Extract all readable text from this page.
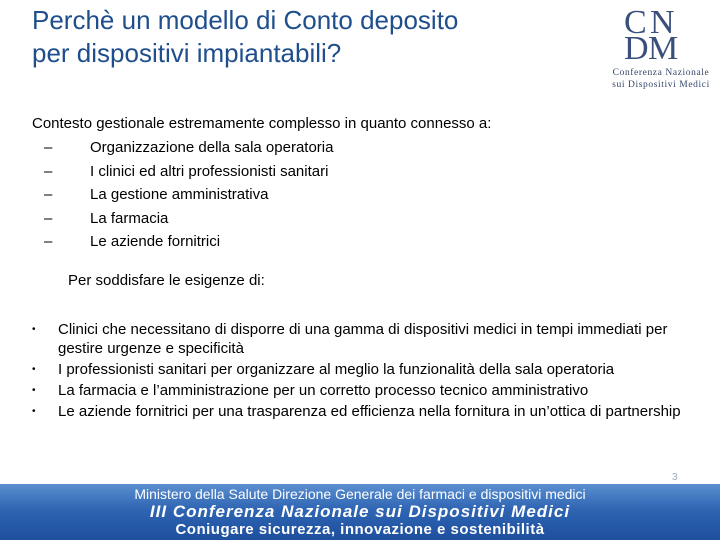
Perchè un modello di Conto deposito
per dispositivi impiantabili?
C N
D M
Conferenza Nazionale
sui Dispositivi Medici

Contesto gestionale estremamente complesso in quanto connesso a:

–	Organizzazione della sala operatoria
–	I clinici ed altri professionisti sanitari
–	La gestione amministrativa
–	La farmacia
–	Le aziende fornitrici

Per soddisfare le esigenze di:

• Clinici che necessitano di disporre di una gamma di dispositivi medici in tempi immediati per gestire urgenze e specificità
• I professionisti sanitari per organizzare al meglio la funzionalità della sala operatoria
• La farmacia e l’amministrazione per un corretto processo tecnico amministrativo
• Le aziende fornitrici per una trasparenza ed efficienza nella fornitura in un’ottica di partnership
3
Ministero della Salute Direzione Generale dei farmaci e dispositivi medici
III Conferenza Nazionale sui Dispositivi Medici
Coniugare sicurezza, innovazione e sostenibilità
